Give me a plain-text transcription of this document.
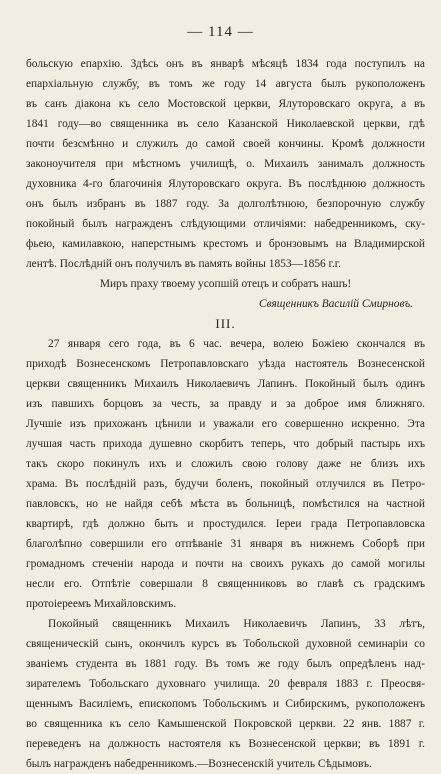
— 114 —
больскую епархію. Здѣсь онъ въ январѣ мѣсяцѣ 1834 года поступилъ на
епархіальную службу, въ томъ же году 14 августа былъ рукоположенъ
въ санъ діакона къ село Мостовской церкви, Ялуторовскаго округа, а въ
1841 году—во священника въ село Казанской Николаевской церкви, гдѣ
почти безсмѣнно и служилъ до самой своей кончины. Кромѣ должности
законоучителя при мѣстномъ училищѣ, о. Михаилъ занималъ должность
духовника 4-го благочинія Ялуторовскаго округа. Въ послѣднюю должность
онъ былъ избранъ въ 1887 году. За долголѣтнюю, безпорочную службу
покойный былъ награжденъ слѣдующими отличіями: набедренникомъ, ску-
фьею, камилавкою, наперстнымъ крестомъ и бронзовымъ на Владимирской
лентѣ. Послѣдній онъ получилъ въ память войны 1853—1856 г.г.
Миръ праху твоему усопшій отецъ и собратъ нашъ!
Священникъ Василій Смирновъ.
III.
27 января сего года, въ 6 час. вечера, волею Божіею скончался въ
приходѣ Вознесенскомъ Петропавловскаго уѣзда настоятель Вознесенской
церкви священникъ Михаилъ Николаевичъ Лапинъ. Покойный былъ одинъ
изъ павшихъ борцовъ за честь, за правду и за доброе имя ближняго.
Лучшіе изъ прихожанъ цѣнили и уважали его совершенно искренно. Эта
лучшая часть прихода душевно скорбитъ теперь, что добрый пастырь ихъ
такъ скоро покинулъ ихъ и сложилъ свою голову даже не близъ ихъ
храма. Въ послѣдній разъ, будучи боленъ, покойный отлучился въ Петро-
павловскъ, но не найдя себѣ мѣста въ больницѣ, помѣстился на частной
квартирѣ, гдѣ должно быть и простудился. Іереи града Петропавловска
благолѣпно совершили его отпѣваніе 31 января въ нижнемъ Соборѣ при
громадномъ стеченіи народа и почти на своихъ рукахъ до самой могилы
несли его. Отпѣтіе совершали 8 священниковъ во главѣ съ градскимъ
протоіереемъ Михайловскимъ.
Покойный священникъ Михаилъ Николаевичъ Лапинъ, 33 лѣтъ,
священическій сынъ, окончилъ курсъ въ Тобольской духовной семинаріи со
званіемъ студента въ 1881 году. Въ томъ же году былъ опредѣленъ над-
зирателемъ Тобольскаго духовнаго училища. 20 февраля 1883 г. Преосвя-
щеннымъ Василіемъ, епископомъ Тобольскимъ и Сибирскимъ, рукоположенъ
во священника къ село Камышенской Покровской церкви. 22 янв. 1887 г.
переведенъ на должность настоятеля къ Вознесенской церкви; въ 1891 г.
былъ награжденъ набедренникомъ.—Вознесенскій учитель Сѣдымовъ.
